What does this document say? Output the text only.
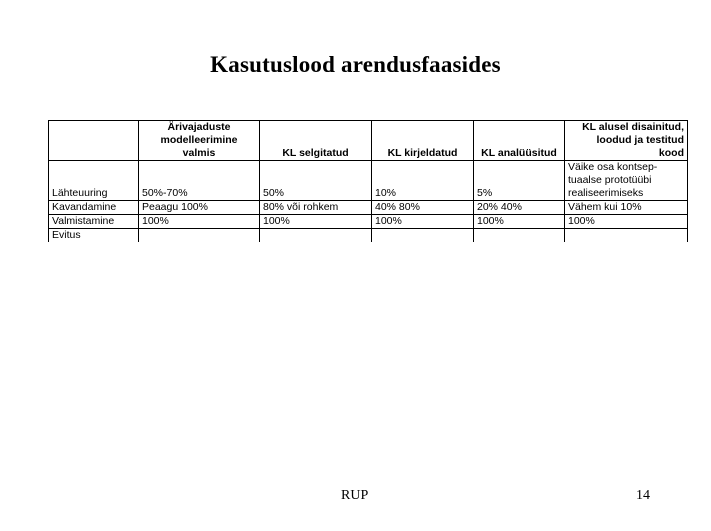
Kasutuslood arendusfaasides
	Ärivajaduste
modelleerimine
valmis	KL selgitatud	KL kirjeldatud	KL analüüsitud	KL alusel disainitud,
loodud ja testitud
kood
Lähteuuring	50%-70%	50%	10%	5%	Väike osa kontsep-
tuaalse prototüübi
realiseerimiseks
Kavandamine	Peaagu 100%	80% või rohkem	40% 80%	20% 40%	Vähem kui 10%
Valmistamine	100%	100%	100%	100%	100%
Evitus					
RUP	14
